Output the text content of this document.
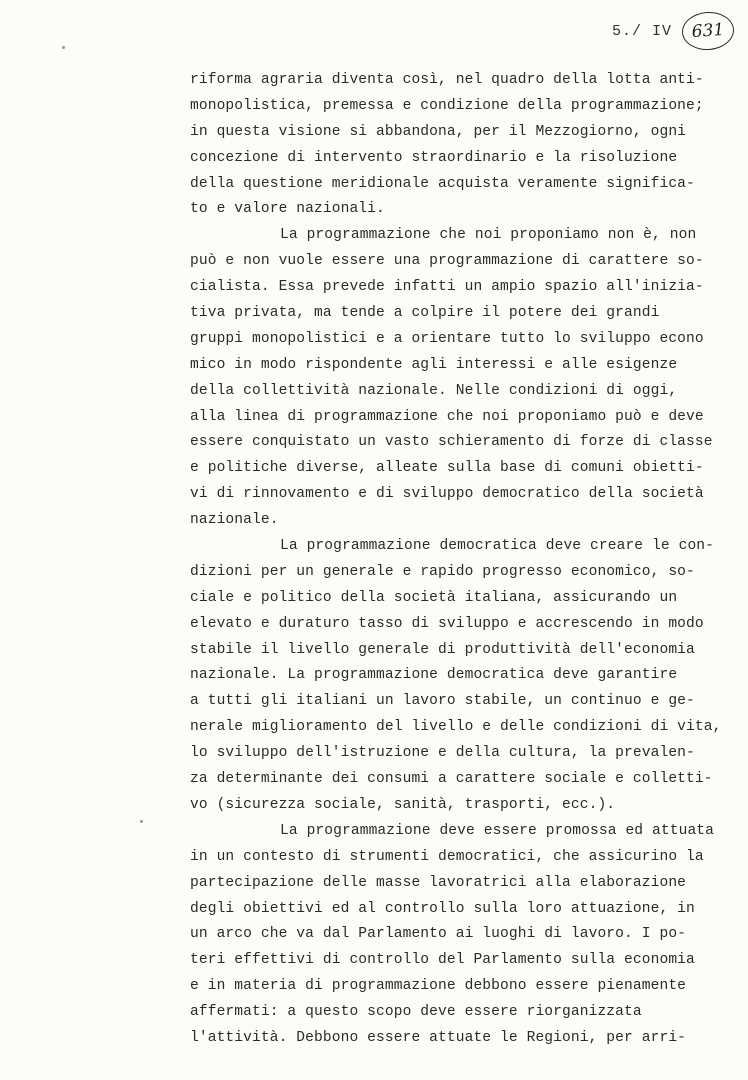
5./ IV	631
riforma agraria diventa così, nel quadro della lotta anti-
monopolistica, premessa e condizione della programmazione;
in questa visione si abbandona, per il Mezzogiorno, ogni
concezione di intervento straordinario e la risoluzione
della questione meridionale acquista veramente significa-
to e valore nazionali.
La programmazione che noi proponiamo non è, non
può e non vuole essere una programmazione di carattere so-
cialista. Essa prevede infatti un ampio spazio all'inizia-
tiva privata, ma tende a colpire il potere dei grandi
gruppi monopolistici e a orientare tutto lo sviluppo econo
mico in modo rispondente agli interessi e alle esigenze
della collettività nazionale. Nelle condizioni di oggi,
alla linea di programmazione che noi proponiamo può e deve
essere conquistato un vasto schieramento di forze di classe
e politiche diverse, alleate sulla base di comuni obietti-
vi di rinnovamento e di sviluppo democratico della società
nazionale.
La programmazione democratica deve creare le con-
dizioni per un generale e rapido progresso economico, so-
ciale e politico della società italiana, assicurando un
elevato e duraturo tasso di sviluppo e accrescendo in modo
stabile il livello generale di produttività dell'economia
nazionale. La programmazione democratica deve garantire
a tutti gli italiani un lavoro stabile, un continuo e ge-
nerale miglioramento del livello e delle condizioni di vita,
lo sviluppo dell'istruzione e della cultura, la prevalen-
za determinante dei consumi a carattere sociale e colletti-
vo (sicurezza sociale, sanità, trasporti, ecc.).
La programmazione deve essere promossa ed attuata
in un contesto di strumenti democratici, che assicurino la
partecipazione delle masse lavoratrici alla elaborazione
degli obiettivi ed al controllo sulla loro attuazione, in
un arco che va dal Parlamento ai luoghi di lavoro. I po-
teri effettivi di controllo del Parlamento sulla economia
e in materia di programmazione debbono essere pienamente
affermati: a questo scopo deve essere riorganizzata
l'attività. Debbono essere attuate le Regioni, per arri-
